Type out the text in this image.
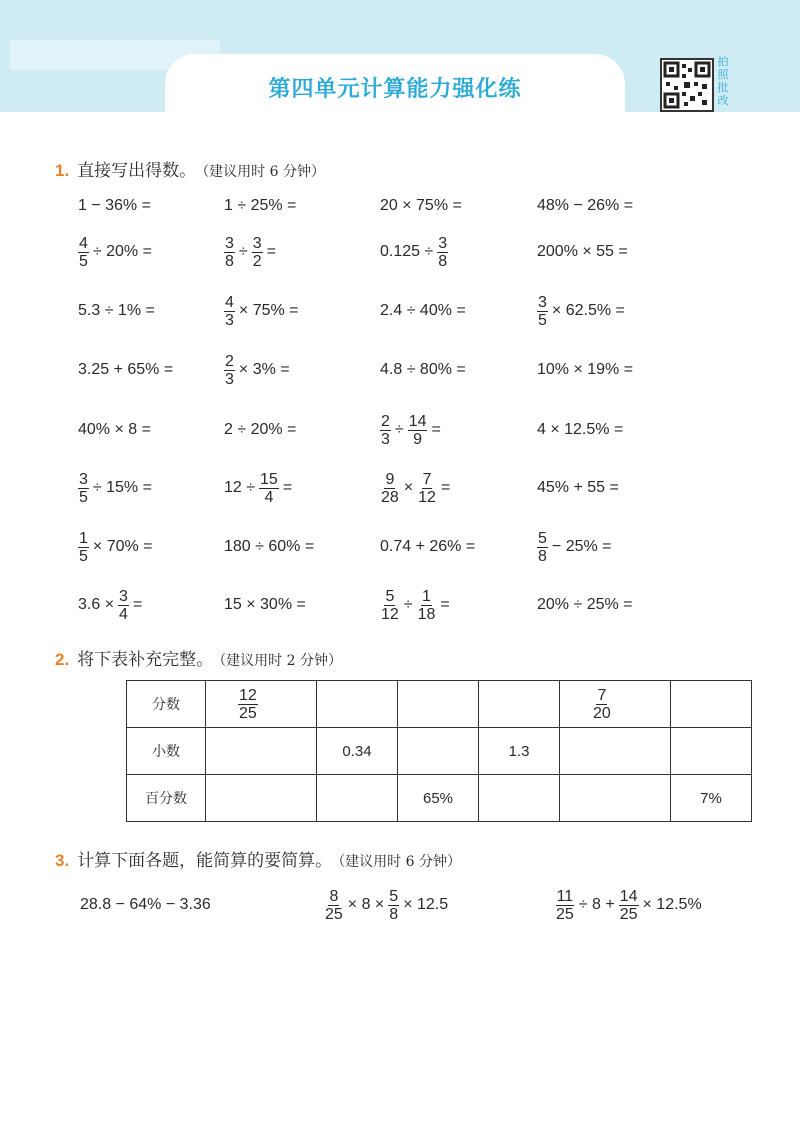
第四单元计算能力强化练
拍
照
批
改
1. 直接写出得数。 （建议用时 6 分钟）
1 − 36% =	1 ÷ 25% =	20 × 75% =	48% − 26% =
$\frac{4}{5} \div 20\%$ =	$\frac{3}{8} \div \frac{3}{2}$ =	$0.125 \div \frac{3}{8}$	200% × 55 =
5.3 ÷ 1% =	$\frac{4}{3} \times 75\%$ =	2.4 ÷ 40% =	$\frac{3}{5} \times 62.5\%$ =
3.25 + 65% =	$\frac{2}{3} \times 3\%$ =	4.8 ÷ 80% =	10% × 19% =
40% × 8 =	2 ÷ 20% =	$\frac{2}{3} \div \frac{14}{9}$ =	4 × 12.5% =
$\frac{3}{5} \div 15\%$ =	$12 \div \frac{15}{4}$ =	$\frac{9}{28} \times \frac{7}{12}$ =	45% + 55 =
$\frac{1}{5} \times 70\%$ =	180 ÷ 60% =	0.74 + 26% =	$\frac{5}{8} - 25\%$ =
$3.6 \times \frac{3}{4}$ =	15 × 30% =	$\frac{5}{12} \div \frac{1}{18}$ =	20% ÷ 25% =
2. 将下表补充完整。 （建议用时 2 分钟）
分数	$\frac{12}{25}$				$\frac{7}{20}$

小数		0.34		1.3		
百分数			65%			7%
3. 计算下面各题，能简算的要简算。 （建议用时 6 分钟）
28.8 − 64% − 3.36	$\frac{8}{25} \times 8 \times \frac{5}{8} \times 12.5$	$\frac{11}{25} \div 8 + \frac{14}{25} \times 12.5\%$
